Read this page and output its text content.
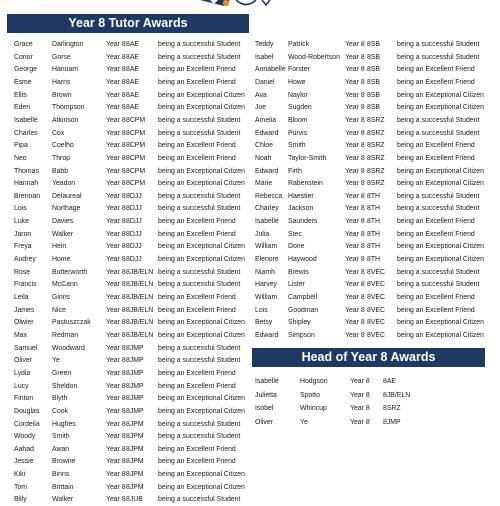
Year 8 Tutor Awards
Grace	Darlington	Year 8 8AE	being a successful Student
Conor	Gorse	Year 8 8AE	being a successful Student
George Hannam	Year 8 8AE	being an Excellent Friend
Esme	Harris	Year 8 8AE	being an Excellent Friend
Ellis	Brown	Year 8 8AE	being an Exceptional Citizen
Eden	Thompson	Year 8 8AE	being an Exceptional Citizen
Isabelle Atkinson	Year 8 8CPM being a successful Student
Charles Cox	Year 8 8CPM being a successful Student
Pipa	Coelho	Year 8 8CPM being an Excellent Friend
Neo	Throp	Year 8 8CPM being an Excellent Friend
Thomas Babb	Year 8 8CPM being an Exceptional Citizen
Hannah Yeadon	Year 8 8CPM being an Exceptional Citizen
Brennan Delaureal	Year 8 8DJJ being a successful Student
Lois	Northage	Year 8 8DJJ being a successful Student
Luke	Davies	Year 8 8DJJ being an Excellent Friend
Jaron	Walker	Year 8 8DJJ being an Excellent Friend
Freya	Hein	Year 8 8DJJ being an Exceptional Citizen
Audrey Home	Year 8 8DJJ being an Exceptional Citizen
Rose	Butterworth	Year 8 8JB/ELN being a successful Student
Francis McCann	Year 8 8JB/ELN being a successful Student
Leila	Ginns	Year 8 8JB/ELN being an Excellent Friend
James	Nice	Year 8 8JB/ELN being an Excellent Friend
Olwier	Pastuszczak Year 8 8JB/ELN being an Exceptional Citizen
Max	Redman	Year 8 8JB/ELN being an Exceptional Citizen
Samuel Woodward	Year 8 8JMP being a successful Student
Oliver	Ye	Year 8 8JMP being a successful Student
Lydia	Green	Year 8 8JMP being an Excellent Friend
Lucy	Sheldon	Year 8 8JMP being an Excellent Friend
Finton	Blyth	Year 8 8JMP being an Exceptional Citizen
Douglas Cook	Year 8 8JMP being an Exceptional Citizen
Cordelia Hughes	Year 8 8JPM being a successful Student
Woody Smith	Year 8 8JPM being a successful Student
Aahad	Awan	Year 8 8JPM being an Excellent Friend
Jessie	Browne	Year 8 8JPM being an Excellent Friend
Kiki	Binns	Year 8 8JPM being an Exceptional Citizen
Tom	Brittain	Year 8 8JPM being an Exceptional Citizen
Billy	Walker	Year 8 8JUB being a successful Student
Teddy Patrick	Year 8 8SB being a successful Student
Isabel Wood-Robertson Year 8 8SB being a successful Student
Annabelle Forster	Year 8 8SB being an Excellent Friend
Daniel Howe	Year 8 8SB being an Excellent Friend
Ava	Naylor	Year 8 8SB being an Exceptional Citizen
Joe	Sugden	Year 8 8SB being an Exceptional Citizen
Amelia Bloom	Year 8 8SRZ being a successful Student
Edward Purvis	Year 8 8SRZ being a successful Student
Chloe Smith	Year 8 8SRZ being an Excellent Friend
Noah Taylor-Smith	Year 8 8SRZ being an Excellent Friend
Edward Firth	Year 8 8SRZ being an Exceptional Citizen
Marie Rabenstein	Year 8 8SRZ being an Exceptional Citizen
Rebecca Haestier	Year 8 8TH being a successful Student
Charley Jackson	Year 8 8TH being a successful Student
Isabelle Saunders	Year 8 8TH being an Excellent Friend
Julia	Stec	Year 8 8TH being an Excellent Friend
William Done	Year 8 8TH being an Exceptional Citizen
Elenore Haywood	Year 8 8TH being an Exceptional Citizen
Niamh Brewis	Year 8 8VEC being a successful Student
Harvey Lister	Year 8 8VEC being a successful Student
William Campbell	Year 8 8VEC being an Excellent Friend
Lois	Goodman	Year 8 8VEC being an Excellent Friend
Betsy Shipley	Year 8 8VEC being an Exceptional Citizen
Edward Simpson	Year 8 8VEC being an Exceptional Citizen
Head of Year 8 Awards
Isabelle	Hodgson	Year 8 8AE
Julietta	Spotto	Year 8 8JB/ELN
Isobel	Whincup	Year 8 8SRZ
Oliver	Ye	Year 8 8JMP
